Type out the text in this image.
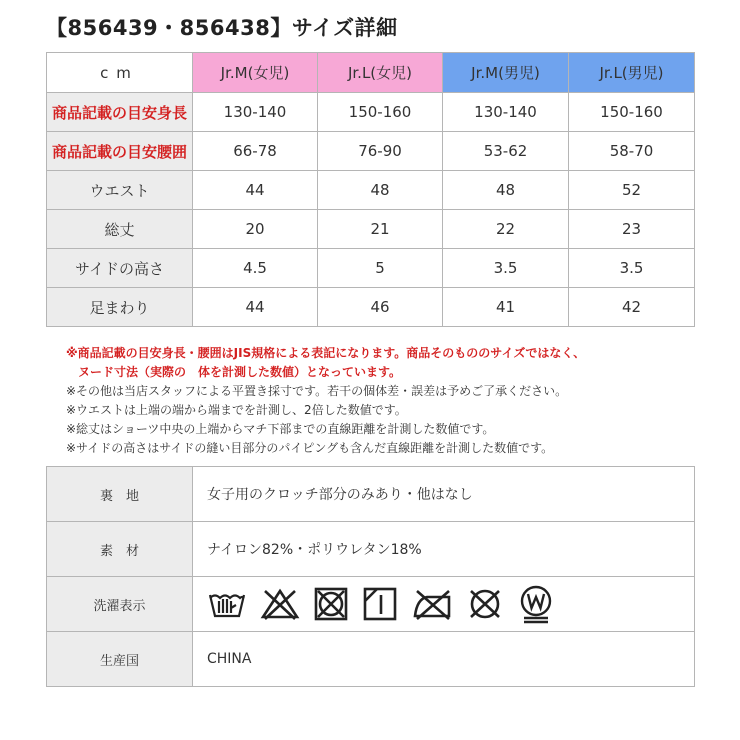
【856439・856438】サイズ詳細
cm	Jr.M(女児)	Jr.L(女児)	Jr.M(男児)	Jr.L(男児)
商品記載の目安身長	130-140	150-160	130-140	150-160
商品記載の目安腰囲	66-78	76-90	53-62	58-70
ウエスト	44	48	48	52
総丈	20	21	22	23
サイドの高さ	4.5	5	3.5	3.5
足まわり	44	46	41	42
※商品記載の目安身長・腰囲はJIS規格による表記になります。商品そのもののサイズではなく、
ヌード寸法（実際の　体を計測した数値）となっています。
※その他は当店スタッフによる平置き採寸です。若干の個体差・誤差は予めご了承ください。
※ウエストは上端の端から端までを計測し、2倍した数値です。
※総丈はショーツ中央の上端からマチ下部までの直線距離を計測した数値です。
※サイドの高さはサイドの縫い目部分のパイピングも含んだ直線距離を計測した数値です。
裏　地	女子用のクロッチ部分のみあり・他はなし
素　材	ナイロン82%・ポリウレタン18%
洗濯表示	

生産国	CHINA
